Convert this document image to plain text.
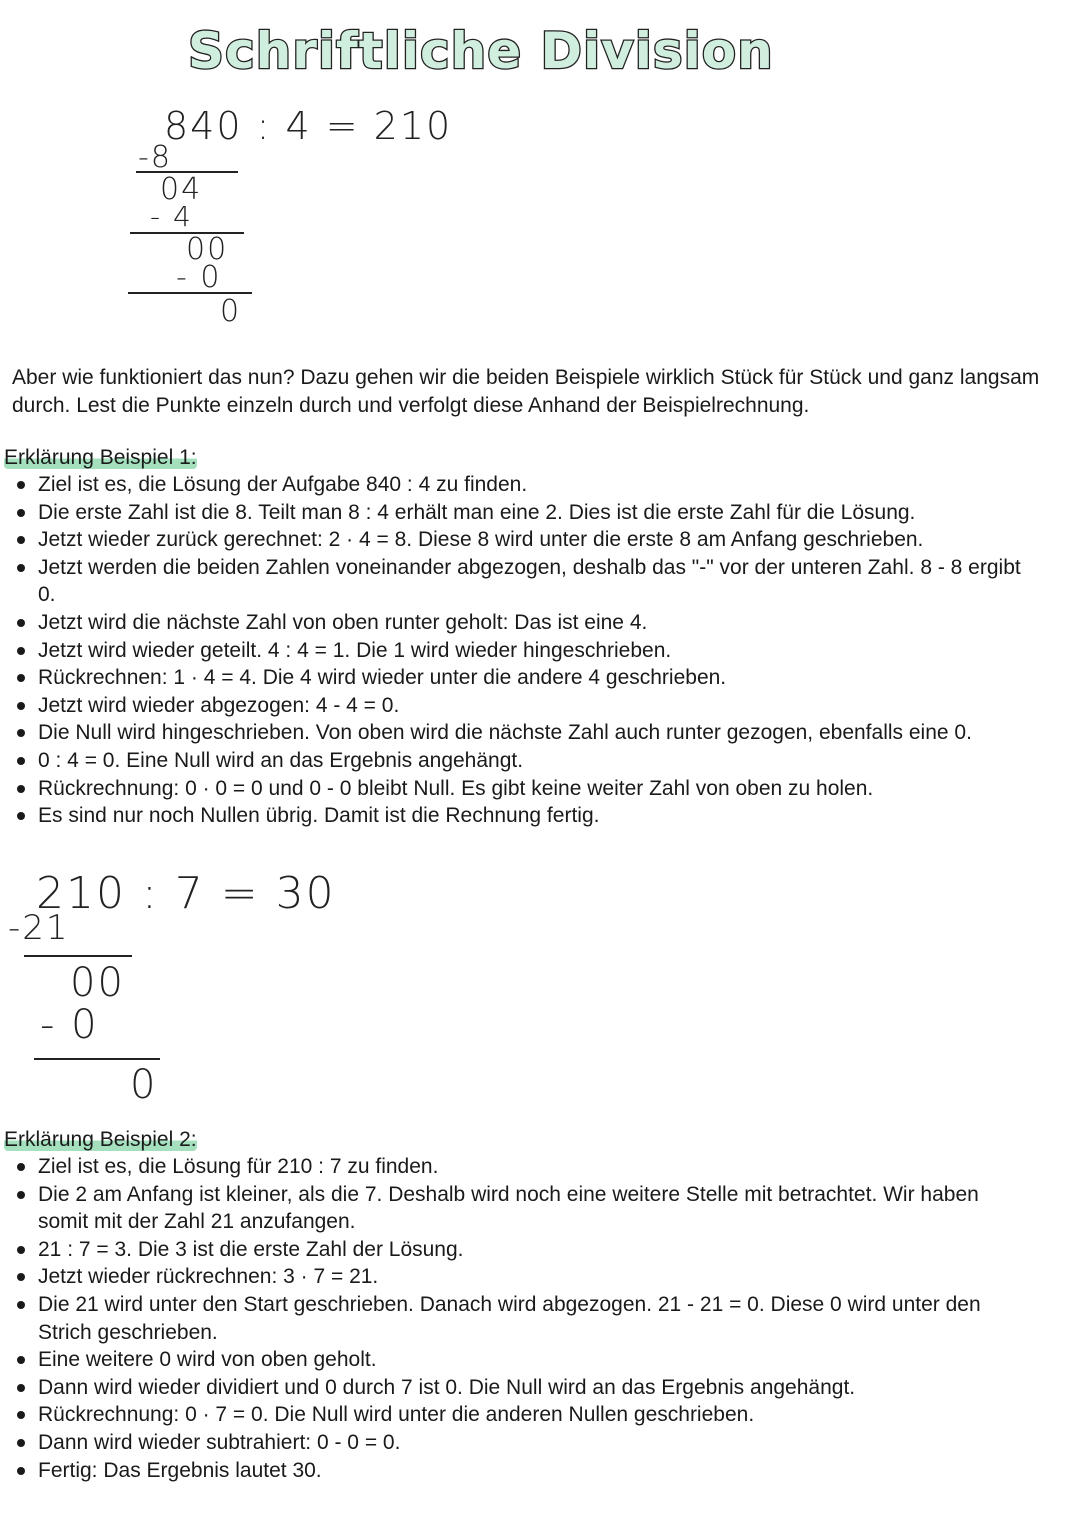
Schriftliche Division
840 : 4 = 210
-8
04
- 4
00
- 0
0
Aber wie funktioniert das nun? Dazu gehen wir die beiden Beispiele wirklich Stück für Stück und ganz langsam durch. Lest die Punkte einzeln durch und verfolgt diese Anhand der Beispielrechnung.
Erklärung Beispiel 1:
Ziel ist es, die Lösung der Aufgabe 840 : 4 zu finden.
Die erste Zahl ist die 8. Teilt man 8 : 4 erhält man eine 2. Dies ist die erste Zahl für die Lösung.
Jetzt wieder zurück gerechnet: 2 · 4 = 8. Diese 8 wird unter die erste 8 am Anfang geschrieben.
Jetzt werden die beiden Zahlen voneinander abgezogen, deshalb das "-" vor der unteren Zahl. 8 - 8 ergibt 0.
Jetzt wird die nächste Zahl von oben runter geholt: Das ist eine 4.
Jetzt wird wieder geteilt. 4 : 4 = 1. Die 1 wird wieder hingeschrieben.
Rückrechnen: 1 · 4 = 4. Die 4 wird wieder unter die andere 4 geschrieben.
Jetzt wird wieder abgezogen: 4 - 4 = 0.
Die Null wird hingeschrieben. Von oben wird die nächste Zahl auch runter gezogen, ebenfalls eine 0.
0 : 4 = 0. Eine Null wird an das Ergebnis angehängt.
Rückrechnung: 0 · 0 = 0 und 0 - 0 bleibt Null. Es gibt keine weiter Zahl von oben zu holen.
Es sind nur noch Nullen übrig. Damit ist die Rechnung fertig.
210 : 7 = 30
-21
00
- 0
0
Erklärung Beispiel 2:
Ziel ist es, die Lösung für 210 : 7 zu finden.
Die 2 am Anfang ist kleiner, als die 7. Deshalb wird noch eine weitere Stelle mit betrachtet. Wir haben somit mit der Zahl 21 anzufangen.
21 : 7 = 3. Die 3 ist die erste Zahl der Lösung.
Jetzt wieder rückrechnen: 3 · 7 = 21.
Die 21 wird unter den Start geschrieben. Danach wird abgezogen. 21 - 21 = 0. Diese 0 wird unter den Strich geschrieben.
Eine weitere 0 wird von oben geholt.
Dann wird wieder dividiert und 0 durch 7 ist 0. Die Null wird an das Ergebnis angehängt.
Rückrechnung: 0 · 7 = 0. Die Null wird unter die anderen Nullen geschrieben.
Dann wird wieder subtrahiert: 0 - 0 = 0.
Fertig: Das Ergebnis lautet 30.
